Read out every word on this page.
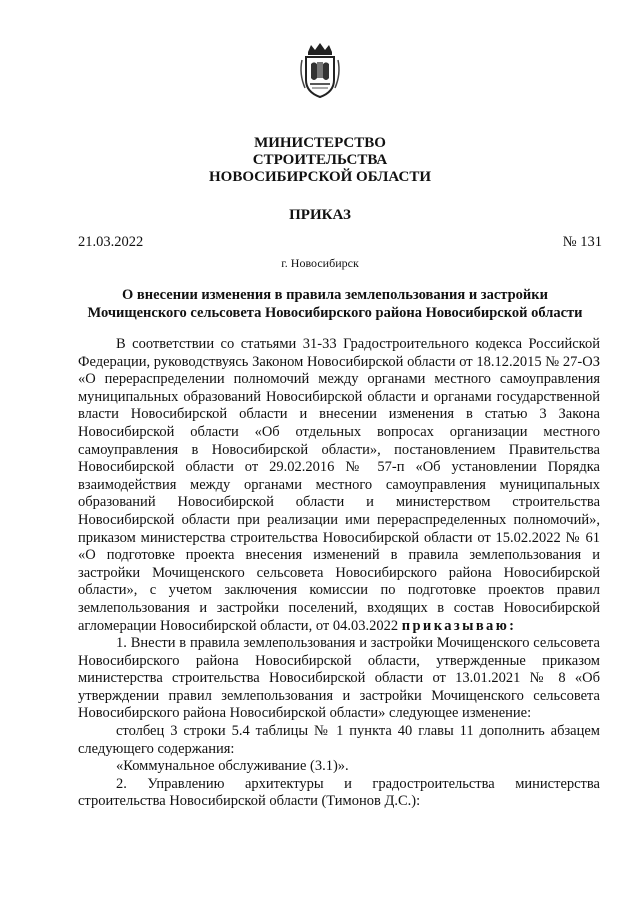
МИНИСТЕРСТВО
СТРОИТЕЛЬСТВА
НОВОСИБИРСКОЙ ОБЛАСТИ
ПРИКАЗ
21.03.2022	№ 131
г. Новосибирск
О внесении изменения в правила землепользования и застройки
Мочищенского сельсовета Новосибирского района Новосибирской области

В соответствии со статьями 31-33 Градостроительного кодекса Российской Федерации, руководствуясь Законом Новосибирской области от 18.12.2015 № 27-ОЗ «О перераспределении полномочий между органами местного самоуправления муниципальных образований Новосибирской области и органами государственной власти Новосибирской области и внесении изменения в статью 3 Закона Новосибирской области «Об отдельных вопросах организации местного самоуправления в Новосибирской области», постановлением Правительства Новосибирской области от 29.02.2016 № 57-п «Об установлении Порядка взаимодействия между органами местного самоуправления муниципальных образований Новосибирской области и министерством строительства Новосибирской области при реализации ими перераспределенных полномочий», приказом министерства строительства Новосибирской области от 15.02.2022 № 61 «О подготовке проекта внесения изменений в правила землепользования и застройки Мочищенского сельсовета Новосибирского района Новосибирской области», с учетом заключения комиссии по подготовке проектов правил землепользования и застройки поселений, входящих в состав Новосибирской агломерации Новосибирской области, от 04.03.2022 приказываю:

1. Внести в правила землепользования и застройки Мочищенского сельсовета Новосибирского района Новосибирской области, утвержденные приказом министерства строительства Новосибирской области от 13.01.2021 № 8 «Об утверждении правил землепользования и застройки Мочищенского сельсовета Новосибирского района Новосибирской области» следующее изменение:

столбец 3 строки 5.4 таблицы № 1 пункта 40 главы 11 дополнить абзацем следующего содержания:

«Коммунальное обслуживание (3.1)».

2. Управлению архитектуры и градостроительства министерства строительства Новосибирской области (Тимонов Д.С.):
